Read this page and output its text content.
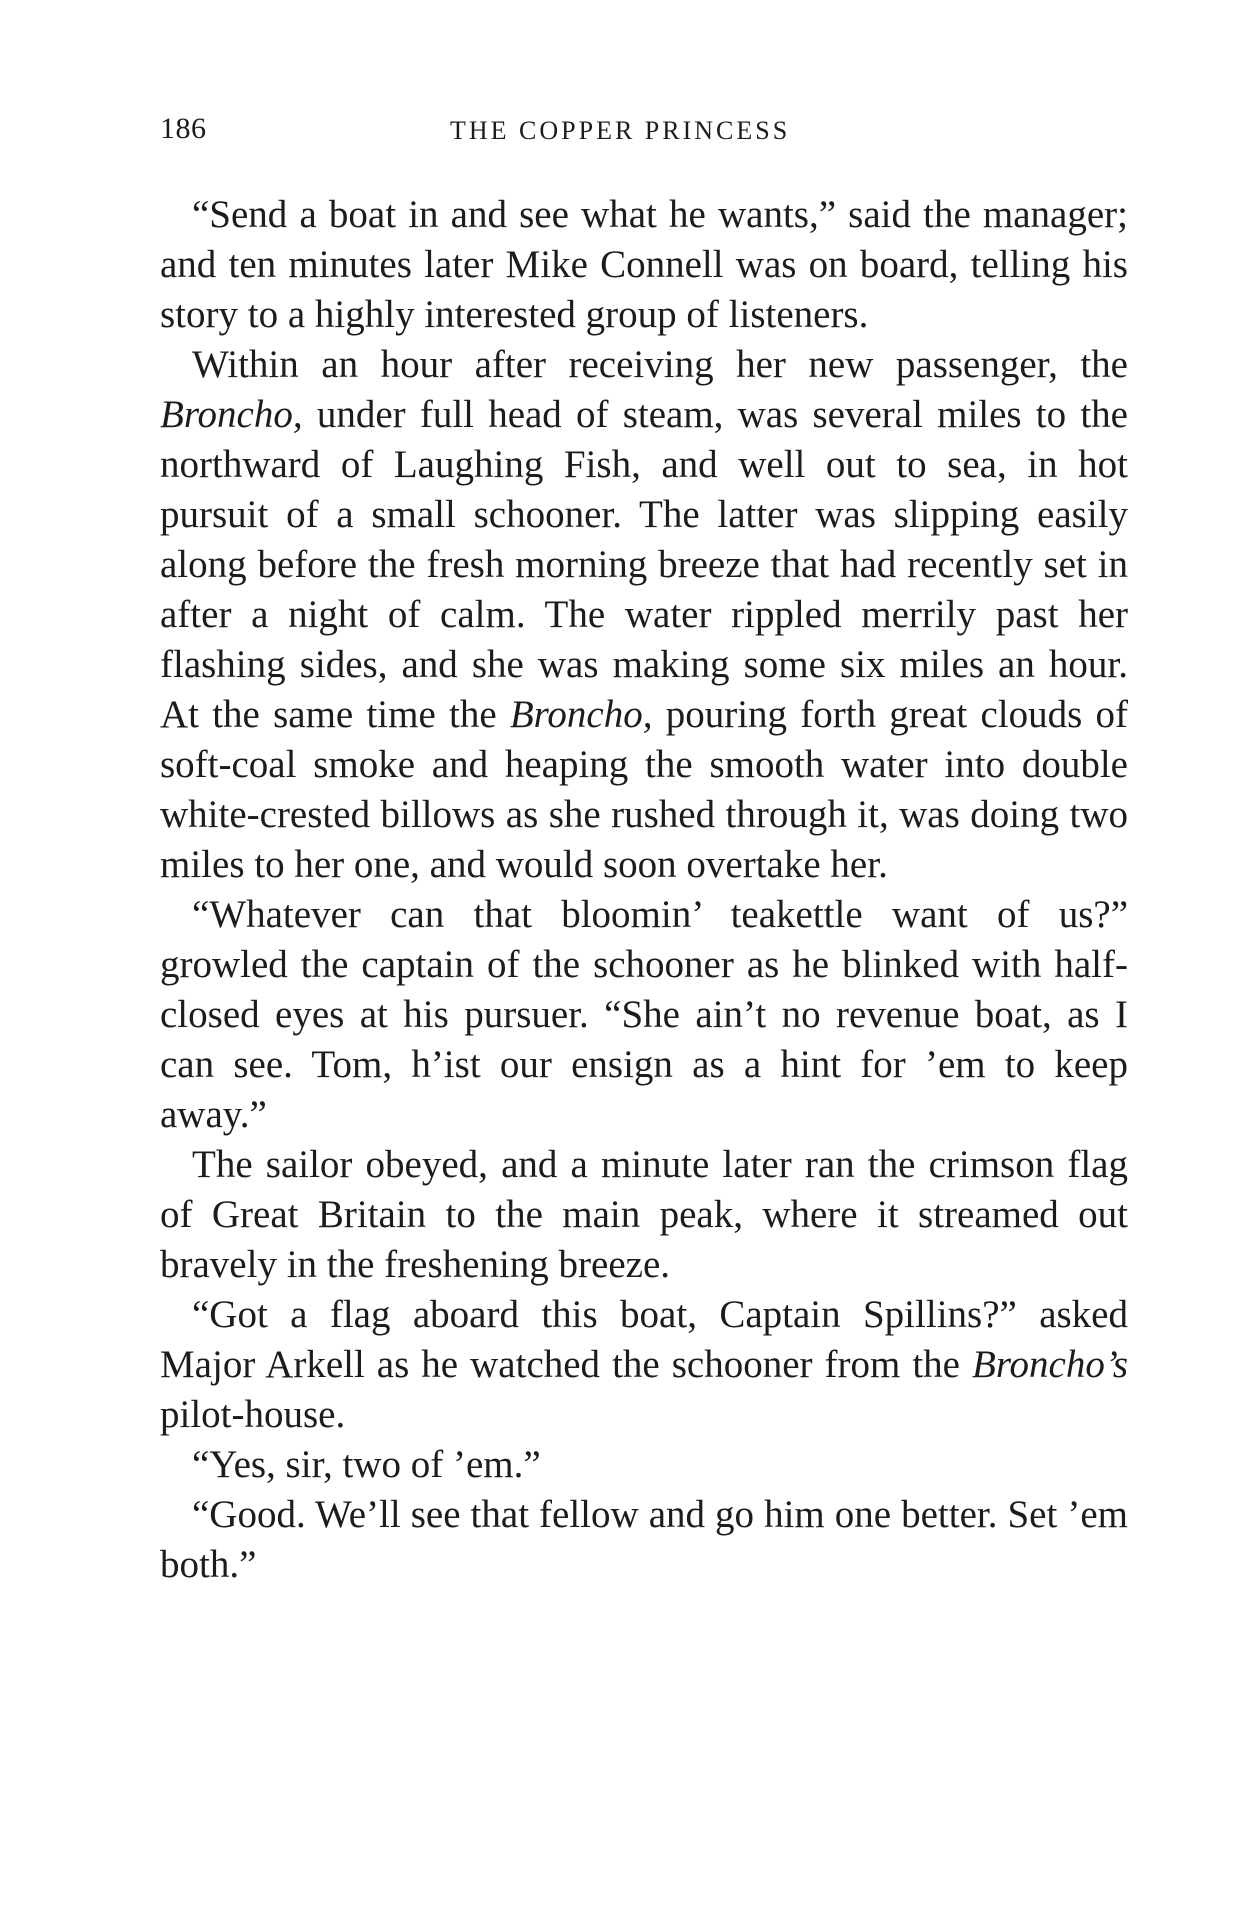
186	THE COPPER PRINCESS

“Send a boat in and see what he wants,” said the manager; and ten minutes later Mike Connell was on board, telling his story to a highly interested group of listeners.

Within an hour after receiving her new passenger, the Broncho, under full head of steam, was several miles to the northward of Laughing Fish, and well out to sea, in hot pursuit of a small schooner. The latter was slipping easily along before the fresh morning breeze that had recently set in after a night of calm. The water rippled merrily past her flashing sides, and she was making some six miles an hour. At the same time the Broncho, pouring forth great clouds of soft-coal smoke and heaping the smooth water into double white-crested billows as she rushed through it, was doing two miles to her one, and would soon overtake her.

“Whatever can that bloomin’ teakettle want of us?” growled the captain of the schooner as he blinked with half-closed eyes at his pursuer. “She ain’t no revenue boat, as I can see. Tom, h’ist our ensign as a hint for ’em to keep away.”

The sailor obeyed, and a minute later ran the crimson flag of Great Britain to the main peak, where it streamed out bravely in the freshening breeze.

“Got a flag aboard this boat, Captain Spillins?” asked Major Arkell as he watched the schooner from the Broncho’s pilot-house.

“Yes, sir, two of ’em.”

“Good. We’ll see that fellow and go him one better. Set ’em both.”
